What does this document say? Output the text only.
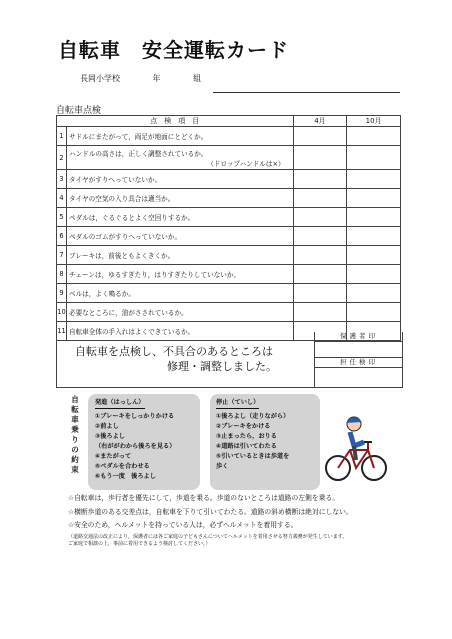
自転車　安全運転カード
長岡小学校	年	組
自転車点検
点　検　項　目		4月	10月
1	サドルにまたがって，両足が地面にとどくか。		
2	ハンドルの高さは，正しく調整されているか。
（ドロップハンドルは×）		

3	タイヤがすりへっていないか。		
4	タイヤの空気の入り具合は適当か。		
5	ペダルは，ぐるぐるとよく空回りするか。		
6	ペダルのゴムがすりへっていないか。		
7	ブレーキは，前後ともよくきくか。		
8	チェーンは，ゆるすぎたり，はりすぎたりしていないか。		
9	ベルは，よく鳴るか。		
10	必要なところに，油がさされているか。		
11	自転車全体の手入れはよくできているか。		
自転車を点検し、不具合のあるところは
修理・調整しました。
保護者印
担任検印
自
転
車
乗
り
の
約
束
発進（はっしん）
①ブレーキをしっかりかける
②前よし
③後ろよし
（右ががわから後ろを見る）
④またがって
⑤ペダルを合わせる
⑥もう一度　後ろよし
停止（ていし）
①後ろよし（走りながら）
②ブレーキをかける
③止まったら，おりる
④道路は引いてわたる
⑤引いているときは歩道を
歩く
☆自転車は，歩行者を優先にして，歩道を乗る。歩道のないところは道路の左側を乗る。
☆横断歩道のある交差点は，自転車を下りて引いてわたる。道路の斜め横断は絶対にしない。
☆安全のため，ヘルメットを持っている人は，必ずヘルメットを着用する。
（道路交通法の改正により，保護者には各ご家庭の子どもさんについてヘルメットを着用させる努力義務が発生しています。
ご家庭で相談の上，事前に着用できるよう検討してください。）
